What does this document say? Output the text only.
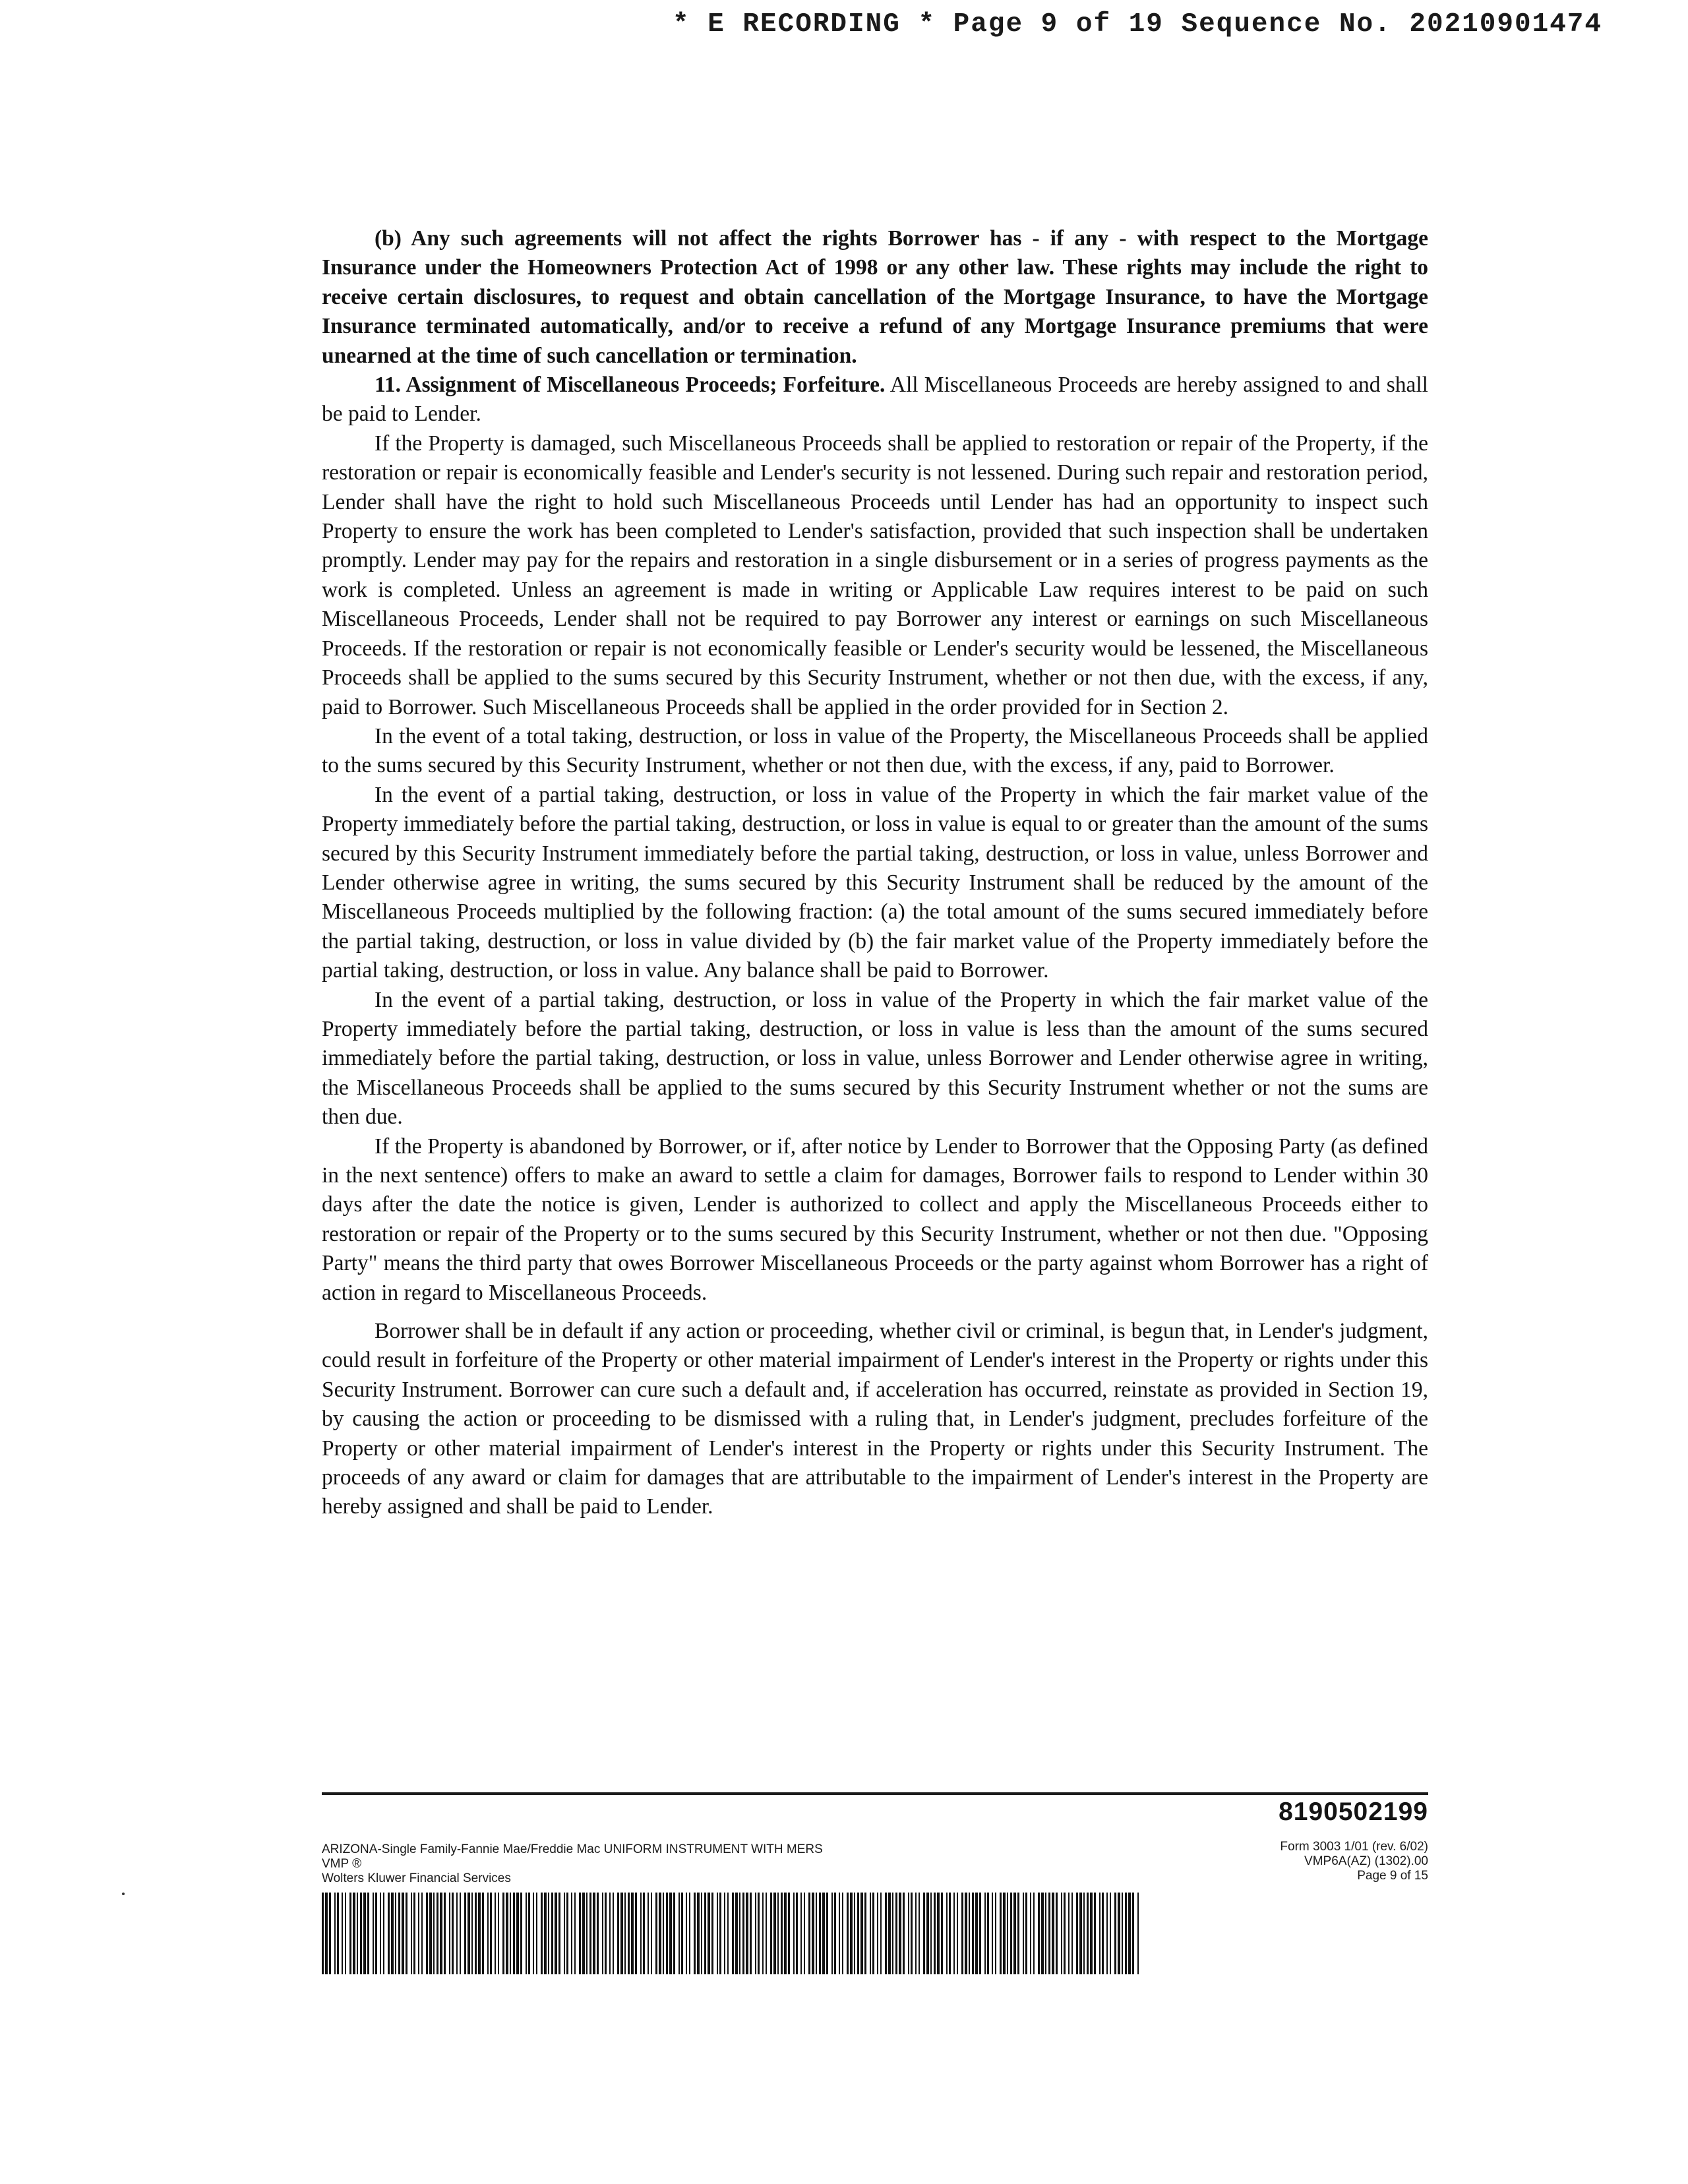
* E RECORDING * Page 9 of 19 Sequence No. 20210901474

(b) Any such agreements will not affect the rights Borrower has - if any - with respect to the Mortgage Insurance under the Homeowners Protection Act of 1998 or any other law. These rights may include the right to receive certain disclosures, to request and obtain cancellation of the Mortgage Insurance, to have the Mortgage Insurance terminated automatically, and/or to receive a refund of any Mortgage Insurance premiums that were unearned at the time of such cancellation or termination.

11. Assignment of Miscellaneous Proceeds; Forfeiture. All Miscellaneous Proceeds are hereby assigned to and shall be paid to Lender.

If the Property is damaged, such Miscellaneous Proceeds shall be applied to restoration or repair of the Property, if the restoration or repair is economically feasible and Lender's security is not lessened. During such repair and restoration period, Lender shall have the right to hold such Miscellaneous Proceeds until Lender has had an opportunity to inspect such Property to ensure the work has been completed to Lender's satisfaction, provided that such inspection shall be undertaken promptly. Lender may pay for the repairs and restoration in a single disbursement or in a series of progress payments as the work is completed. Unless an agreement is made in writing or Applicable Law requires interest to be paid on such Miscellaneous Proceeds, Lender shall not be required to pay Borrower any interest or earnings on such Miscellaneous Proceeds. If the restoration or repair is not economically feasible or Lender's security would be lessened, the Miscellaneous Proceeds shall be applied to the sums secured by this Security Instrument, whether or not then due, with the excess, if any, paid to Borrower. Such Miscellaneous Proceeds shall be applied in the order provided for in Section 2.

In the event of a total taking, destruction, or loss in value of the Property, the Miscellaneous Proceeds shall be applied to the sums secured by this Security Instrument, whether or not then due, with the excess, if any, paid to Borrower.

In the event of a partial taking, destruction, or loss in value of the Property in which the fair market value of the Property immediately before the partial taking, destruction, or loss in value is equal to or greater than the amount of the sums secured by this Security Instrument immediately before the partial taking, destruction, or loss in value, unless Borrower and Lender otherwise agree in writing, the sums secured by this Security Instrument shall be reduced by the amount of the Miscellaneous Proceeds multiplied by the following fraction: (a) the total amount of the sums secured immediately before the partial taking, destruction, or loss in value divided by (b) the fair market value of the Property immediately before the partial taking, destruction, or loss in value. Any balance shall be paid to Borrower.

In the event of a partial taking, destruction, or loss in value of the Property in which the fair market value of the Property immediately before the partial taking, destruction, or loss in value is less than the amount of the sums secured immediately before the partial taking, destruction, or loss in value, unless Borrower and Lender otherwise agree in writing, the Miscellaneous Proceeds shall be applied to the sums secured by this Security Instrument whether or not the sums are then due.

If the Property is abandoned by Borrower, or if, after notice by Lender to Borrower that the Opposing Party (as defined in the next sentence) offers to make an award to settle a claim for damages, Borrower fails to respond to Lender within 30 days after the date the notice is given, Lender is authorized to collect and apply the Miscellaneous Proceeds either to restoration or repair of the Property or to the sums secured by this Security Instrument, whether or not then due. "Opposing Party" means the third party that owes Borrower Miscellaneous Proceeds or the party against whom Borrower has a right of action in regard to Miscellaneous Proceeds.

Borrower shall be in default if any action or proceeding, whether civil or criminal, is begun that, in Lender's judgment, could result in forfeiture of the Property or other material impairment of Lender's interest in the Property or rights under this Security Instrument. Borrower can cure such a default and, if acceleration has occurred, reinstate as provided in Section 19, by causing the action or proceeding to be dismissed with a ruling that, in Lender's judgment, precludes forfeiture of the Property or other material impairment of Lender's interest in the Property or rights under this Security Instrument. The proceeds of any award or claim for damages that are attributable to the impairment of Lender's interest in the Property are hereby assigned and shall be paid to Lender.

8190502199
ARIZONA-Single Family-Fannie Mae/Freddie Mac UNIFORM INSTRUMENT WITH MERS
VMP ®
Wolters Kluwer Financial Services
Form 3003 1/01 (rev. 6/02)
VMP6A(AZ) (1302).00
Page 9 of 15
